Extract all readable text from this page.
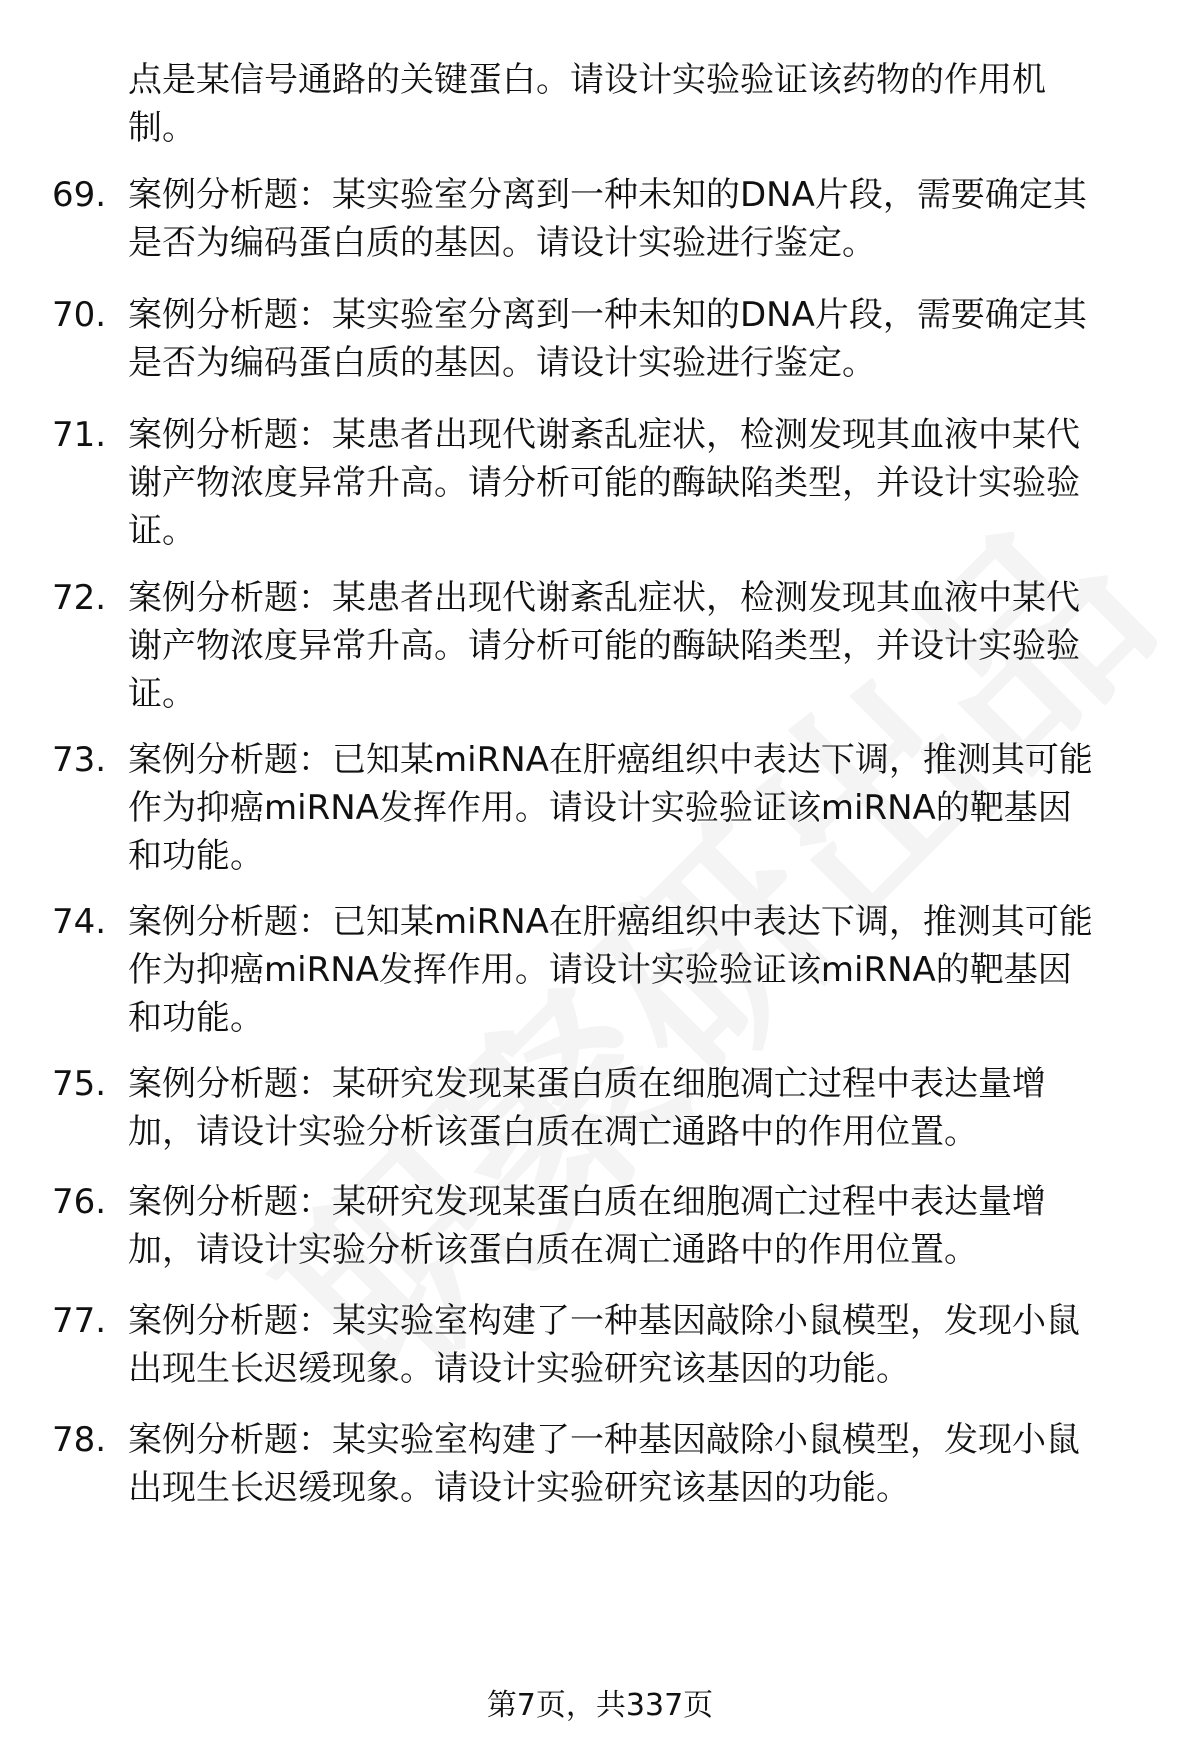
点是某信号通路的关键蛋白。请设计实验验证该药物的作用机
制。
69. 案例分析题：某实验室分离到一种未知的DNA片段，需要确定其
是否为编码蛋白质的基因。请设计实验进行鉴定。
70. 案例分析题：某实验室分离到一种未知的DNA片段，需要确定其
是否为编码蛋白质的基因。请设计实验进行鉴定。
71. 案例分析题：某患者出现代谢紊乱症状，检测发现其血液中某代
谢产物浓度异常升高。请分析可能的酶缺陷类型，并设计实验验
证。
72. 案例分析题：某患者出现代谢紊乱症状，检测发现其血液中某代
谢产物浓度异常升高。请分析可能的酶缺陷类型，并设计实验验
证。
73. 案例分析题：已知某miRNA在肝癌组织中表达下调，推测其可能
作为抑癌miRNA发挥作用。请设计实验验证该miRNA的靶基因
和功能。
74. 案例分析题：已知某miRNA在肝癌组织中表达下调，推测其可能
作为抑癌miRNA发挥作用。请设计实验验证该miRNA的靶基因
和功能。
75. 案例分析题：某研究发现某蛋白质在细胞凋亡过程中表达量增
加，请设计实验分析该蛋白质在凋亡通路中的作用位置。
76. 案例分析题：某研究发现某蛋白质在细胞凋亡过程中表达量增
加，请设计实验分析该蛋白质在凋亡通路中的作用位置。
77. 案例分析题：某实验室构建了一种基因敲除小鼠模型，发现小鼠
出现生长迟缓现象。请设计实验研究该基因的功能。
78. 案例分析题：某实验室构建了一种基因敲除小鼠模型，发现小鼠
出现生长迟缓现象。请设计实验研究该基因的功能。
第7页，共337页
